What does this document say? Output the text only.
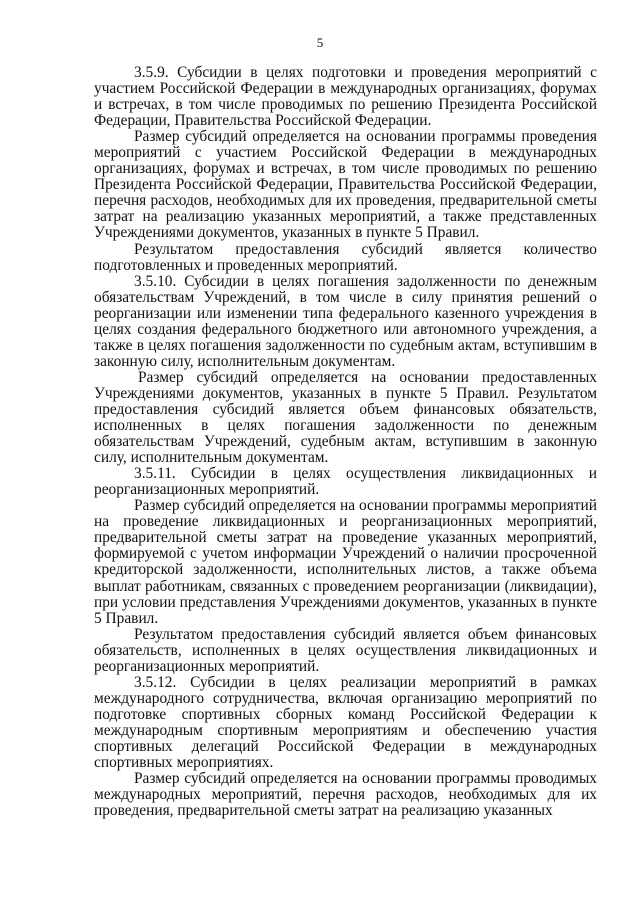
5

3.5.9. Субсидии в целях подготовки и проведения мероприятий с участием Российской Федерации в международных организациях, форумах и встречах, в том числе проводимых по решению Президента Российской Федерации, Правительства Российской Федерации.

Размер субсидий определяется на основании программы проведения мероприятий с участием Российской Федерации в международных организациях, форумах и встречах, в том числе проводимых по решению Президента Российской Федерации, Правительства Российской Федерации, перечня расходов, необходимых для их проведения, предварительной сметы затрат на реализацию указанных мероприятий, а также представленных Учреждениями документов, указанных в пункте 5 Правил.

Результатом предоставления субсидий является количество подготовленных и проведенных мероприятий.

3.5.10. Субсидии в целях погашения задолженности по денежным обязательствам Учреждений, в том числе в силу принятия решений о реорганизации или изменении типа федерального казенного учреждения в целях создания федерального бюджетного или автономного учреждения, а также в целях погашения задолженности по судебным актам, вступившим в законную силу, исполнительным документам.

Размер субсидий определяется на основании предоставленных Учреждениями документов, указанных в пункте 5 Правил. Результатом предоставления субсидий является объем финансовых обязательств, исполненных в целях погашения задолженности по денежным обязательствам Учреждений, судебным актам, вступившим в законную силу, исполнительным документам.

3.5.11. Субсидии в целях осуществления ликвидационных и реорганизационных мероприятий.

Размер субсидий определяется на основании программы мероприятий на проведение ликвидационных и реорганизационных мероприятий, предварительной сметы затрат на проведение указанных мероприятий, формируемой с учетом информации Учреждений о наличии просроченной кредиторской задолженности, исполнительных листов, а также объема выплат работникам, связанных с проведением реорганизации (ликвидации), при условии представления Учреждениями документов, указанных в пункте 5 Правил.

Результатом предоставления субсидий является объем финансовых обязательств, исполненных в целях осуществления ликвидационных и реорганизационных мероприятий.

3.5.12. Субсидии в целях реализации мероприятий в рамках международного сотрудничества, включая организацию мероприятий по подготовке спортивных сборных команд Российской Федерации к международным спортивным мероприятиям и обеспечению участия спортивных делегаций Российской Федерации в международных спортивных мероприятиях.

Размер субсидий определяется на основании программы проводимых международных мероприятий, перечня расходов, необходимых для их проведения, предварительной сметы затрат на реализацию указанных
